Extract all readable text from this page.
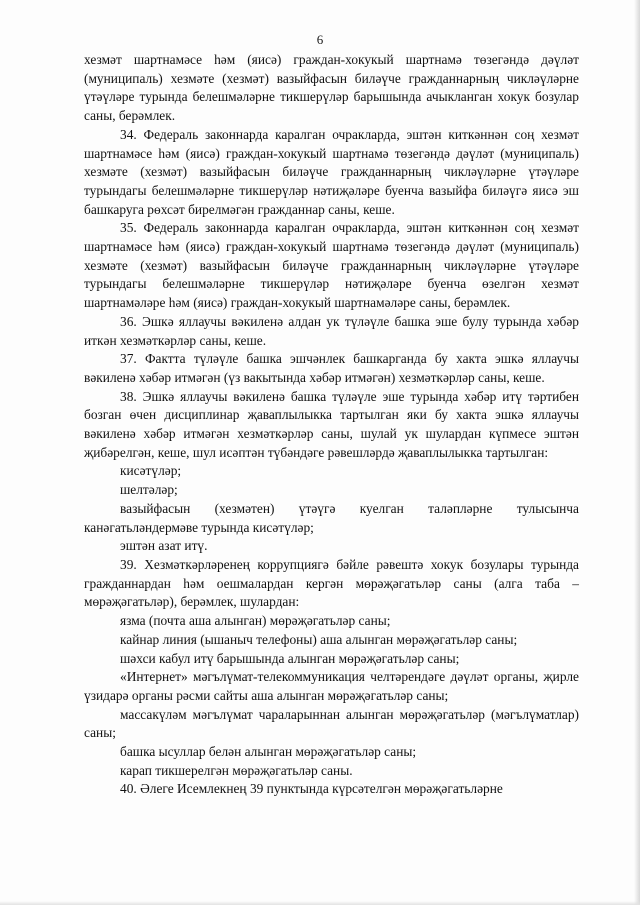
6

хезмәт шартнамәсе һәм (яисә) граждан-хокукый шартнамә төзегәндә дәүләт (муниципаль) хезмәте (хезмәт) вазыйфасын биләүче гражданнарның чикләүләрне үтәүләре турында белешмәләрне тикшерүләр барышында ачыкланган хокук бозулар саны, берәмлек.

34. Федераль законнарда каралган очракларда, эштән киткәннән соң хезмәт шартнамәсе һәм (яисә) граждан-хокукый шартнамә төзегәндә дәүләт (муниципаль) хезмәте (хезмәт) вазыйфасын биләүче гражданнарның чикләүләрне үтәүләре турындагы белешмәләрне тикшерүләр нәтиҗәләре буенча вазыйфа биләүгә яисә эш башкаруга рөхсәт бирелмәгән гражданнар саны, кеше.

35. Федераль законнарда каралган очракларда, эштән киткәннән соң хезмәт шартнамәсе һәм (яисә) граждан-хокукый шартнамә төзегәндә дәүләт (муниципаль) хезмәте (хезмәт) вазыйфасын биләүче гражданнарның чикләүләрне үтәүләре турындагы белешмәләрне тикшерүләр нәтиҗәләре буенча өзелгән хезмәт шартнамәләре һәм (яисә) граждан-хокукый шартнамәләре саны, берәмлек.

36. Эшкә яллаучы вәкиленә алдан ук түләүле башка эше булу турында хәбәр иткән хезмәткәрләр саны, кеше.

37. Фактта түләүле башка эшчәнлек башкарганда бу хакта эшкә яллаучы вәкиленә хәбәр итмәгән (үз вакытында хәбәр итмәгән) хезмәткәрләр саны, кеше.

38. Эшкә яллаучы вәкиленә башка түләүле эше турында хәбәр итү тәртибен бозган өчен дисциплинар җаваплылыкка тартылган яки бу хакта эшкә яллаучы вәкиленә хәбәр итмәгән хезмәткәрләр саны, шулай ук шулардан күпмесе эштән җибәрелгән, кеше, шул исәптән түбәндәге рәвешләрдә җаваплылыкка тартылган:

кисәтүләр;

шелтәләр;

вазыйфасын (хезмәтен) үтәүгә куелган таләпләрне тулысынча канәгатьләндермәве турында кисәтүләр;

эштән азат итү.

39. Хезмәткәрләренең коррупциягә бәйле рәвештә хокук бозулары турында гражданнардан һәм оешмалардан кергән мөрәҗәгатьләр саны (алга таба – мөрәҗәгатьләр), берәмлек, шулардан:

язма (почта аша алынган) мөрәҗәгатьләр саны;

кайнар линия (ышаныч телефоны) аша алынган мөрәҗәгатьләр саны;

шәхси кабул итү барышында алынган мөрәҗәгатьләр саны;

«Интернет» мәгълүмат-телекоммуникация челтәрендәге дәүләт органы, җирле үзидарә органы рәсми сайты аша алынган мөрәҗәгатьләр саны;

массакүләм мәгълүмат чараларыннан алынган мөрәҗәгатьләр (мәгълүматлар) саны;

башка ысуллар белән алынган мөрәҗәгатьләр саны;

карап тикшерелгән мөрәҗәгатьләр саны.

40. Әлеге Исемлекнең 39 пунктында күрсәтелгән мөрәҗәгатьләрне
